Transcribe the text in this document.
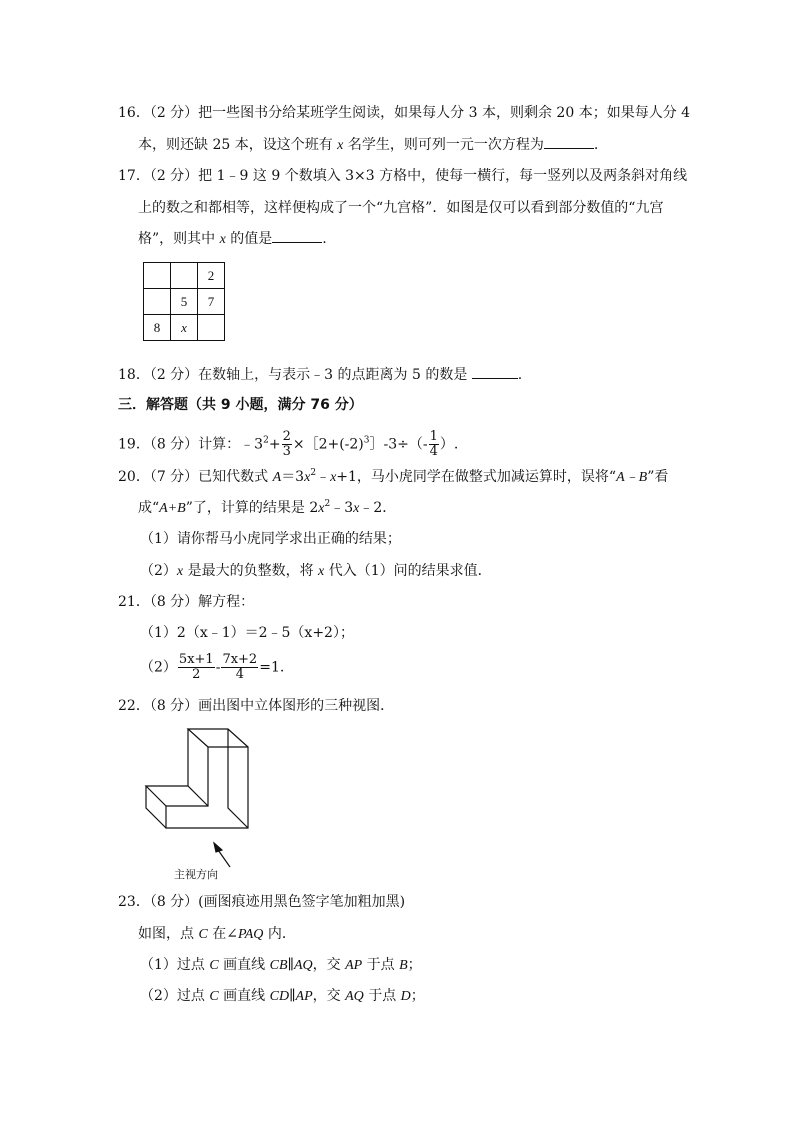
16．（2 分）把一些图书分给某班学生阅读，如果每人分 3 本，则剩余 20 本；如果每人分 4
本，则还缺 25 本，设这个班有 x 名学生，则可列一元一次方程为	.
17．（2 分）把 1﹣9 这 9 个数填入 3×3 方格中，使每一横行，每一竖列以及两条斜对角线
上的数之和都相等，这样便构成了一个“九宫格”．如图是仅可以看到部分数值的“九宫
格”，则其中 x 的值是	.
		2
	5	7
8	x	
18．（2 分）在数轴上，与表示﹣3 的点距离为 5 的数是	.
三．解答题（共 9 小题，满分 76 分）
19．（8 分）计算：$﹣3^2+ \frac{2}{3}$ $\times[2+(-2)^3]-3\div(- \frac{1}{4}$ ）.
20．（7 分）已知代数式 $A=3x^2﹣x+1$，马小虎同学在做整式加减运算时，误将“A﹣B”看
成“A+B”了，计算的结果是 $2x^2﹣3x﹣2$．
（1）请你帮马小虎同学求出正确的结果；
（2）x 是最大的负整数，将 x 代入（1）问的结果求值．
21．（8 分）解方程：
（1）2（x﹣1）＝2﹣5（x+2）；
$(2) \frac{5x+1}{2} - \frac{7x+2}{4} =1$.
22．（8 分）画出图中立体图形的三种视图．
主视方向
23．（8 分）(画图痕迹用黑色签字笔加粗加黑)
如图，点 C 在∠PAQ 内．
（1）过点 C 画直线 CB∥AQ，交 AP 于点 B；
（2）过点 C 画直线 CD∥AP，交 AQ 于点 D；
